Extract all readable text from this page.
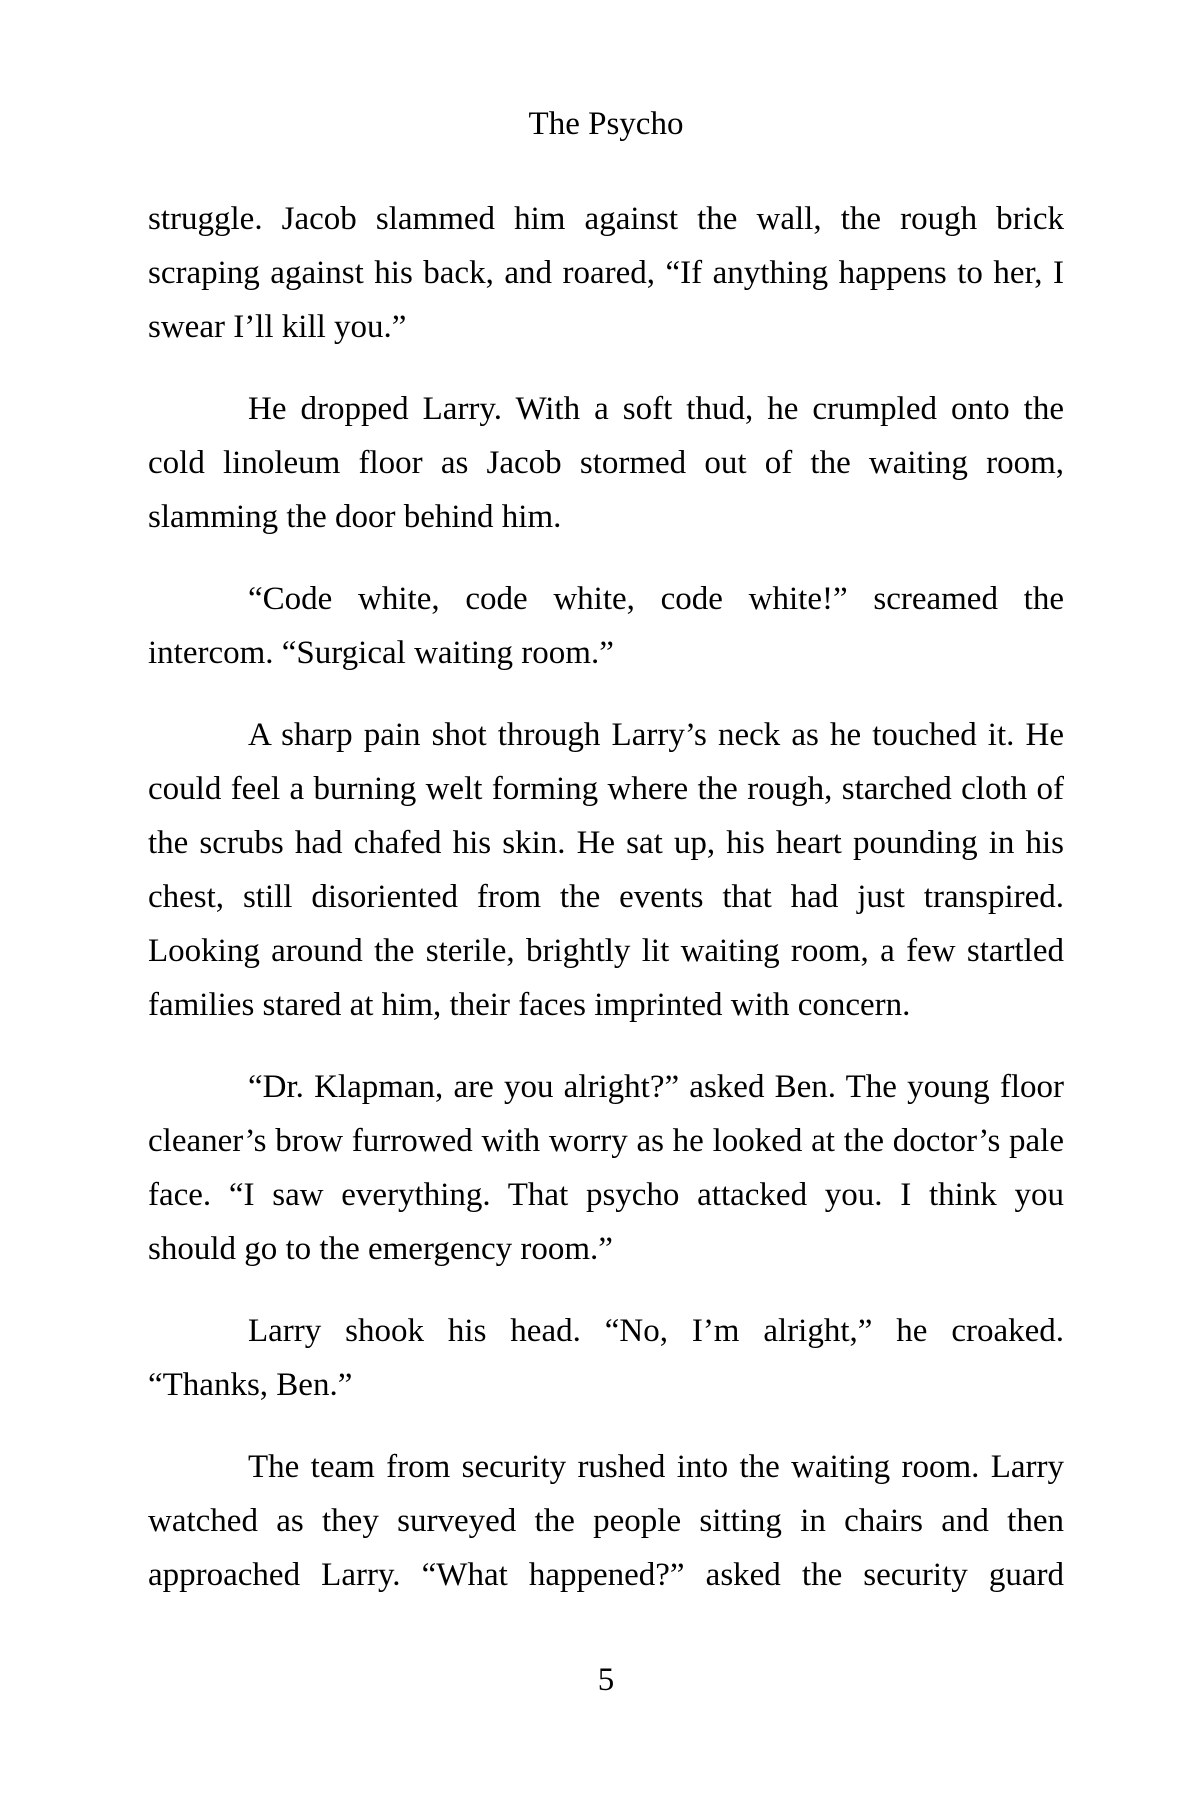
The Psycho
struggle. Jacob slammed him against the wall, the rough brick
scraping against his back, and roared, “If anything happens to her, I
swear I’ll kill you.”
He dropped Larry. With a soft thud, he crumpled onto the
cold linoleum floor as Jacob stormed out of the waiting room,
slamming the door behind him.
“Code white, code white, code white!” screamed the
intercom. “Surgical waiting room.”
A sharp pain shot through Larry’s neck as he touched it. He
could feel a burning welt forming where the rough, starched cloth of
the scrubs had chafed his skin. He sat up, his heart pounding in his
chest, still disoriented from the events that had just transpired.
Looking around the sterile, brightly lit waiting room, a few startled
families stared at him, their faces imprinted with concern.
“Dr. Klapman, are you alright?” asked Ben. The young floor
cleaner’s brow furrowed with worry as he looked at the doctor’s pale
face. “I saw everything. That psycho attacked you. I think you
should go to the emergency room.”
Larry shook his head. “No, I’m alright,” he croaked.
“Thanks, Ben.”
The team from security rushed into the waiting room. Larry
watched as they surveyed the people sitting in chairs and then
approached Larry. “What happened?” asked the security guard
5
